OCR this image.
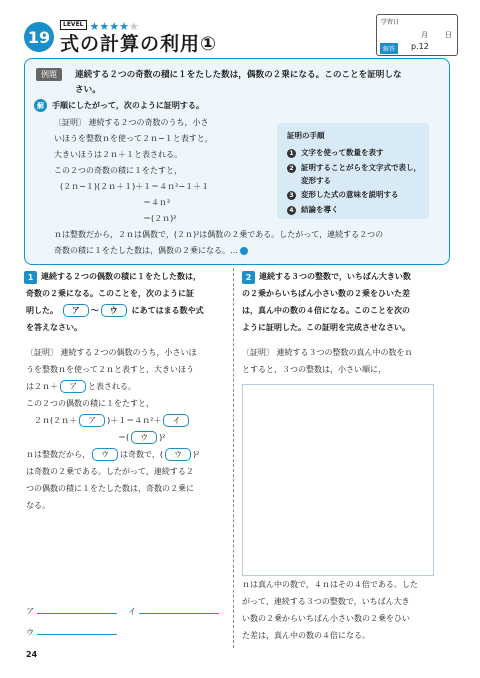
19
LEVEL ★★★★★
式の計算の利用①
学習日
月 日
解答	p.12
例題	連続する２つの奇数の積に１をたした数は，偶数の２乗になる。このことを証明しな
さい。
解	手順にしたがって，次のように証明する。
〔証明〕 連続する２つの奇数のうち，小さ
いほうを整数ｎを使って２ｎ−１と表すと，
大きいほうは２ｎ＋１と表される。
この２つの奇数の積に１をたすと，
(２ｎ−１)(２ｎ＋１)＋１＝４ｎ²−１＋１
＝４ｎ²
＝(２ｎ)²
ｎは整数だから，２ｎは偶数で，(２ｎ)²は偶数の２乗である。したがって，連続する２つの
奇数の積に１をたした数は，偶数の２乗になる。…
証明の手順
1 文字を使って数量を表す
2 証明することがらを文字式で表し，
変形する
3 変形した式の意味を説明する
4 結論を導く
1 連続する２つの偶数の積に１をたした数は，
奇数の２乗になる。このことを，次のように証
明した。 ア 〜 ウ にあてはまる数や式
を答えなさい。
〔証明〕 連続する２つの偶数のうち，小さいほ
うを整数ｎを使って２ｎと表すと，大きいほう
は２ｎ＋ ア と表される。
この２つの偶数の積に１をたすと，
２ｎ(２ｎ＋ ア )＋１＝４ｎ²＋ イ
＝( ウ )²
ｎは整数だから， ウ は奇数で，( ウ )²
は奇数の２乗である。したがって，連続する２
つの偶数の積に１をたした数は，奇数の２乗に
なる。
ア	イ
ウ
2 連続する３つの整数で，いちばん大きい数
の２乗からいちばん小さい数の２乗をひいた差
は，真ん中の数の４倍になる。このことを次の
ように証明した。この証明を完成させなさい。
〔証明〕 連続する３つの整数の真ん中の数をｎ
とすると，３つの整数は，小さい順に，
ｎは真ん中の数で，４ｎはその４倍である。した
がって，連続する３つの整数で，いちばん大き
い数の２乗からいちばん小さい数の２乗をひい
た差は，真ん中の数の４倍になる。
24
